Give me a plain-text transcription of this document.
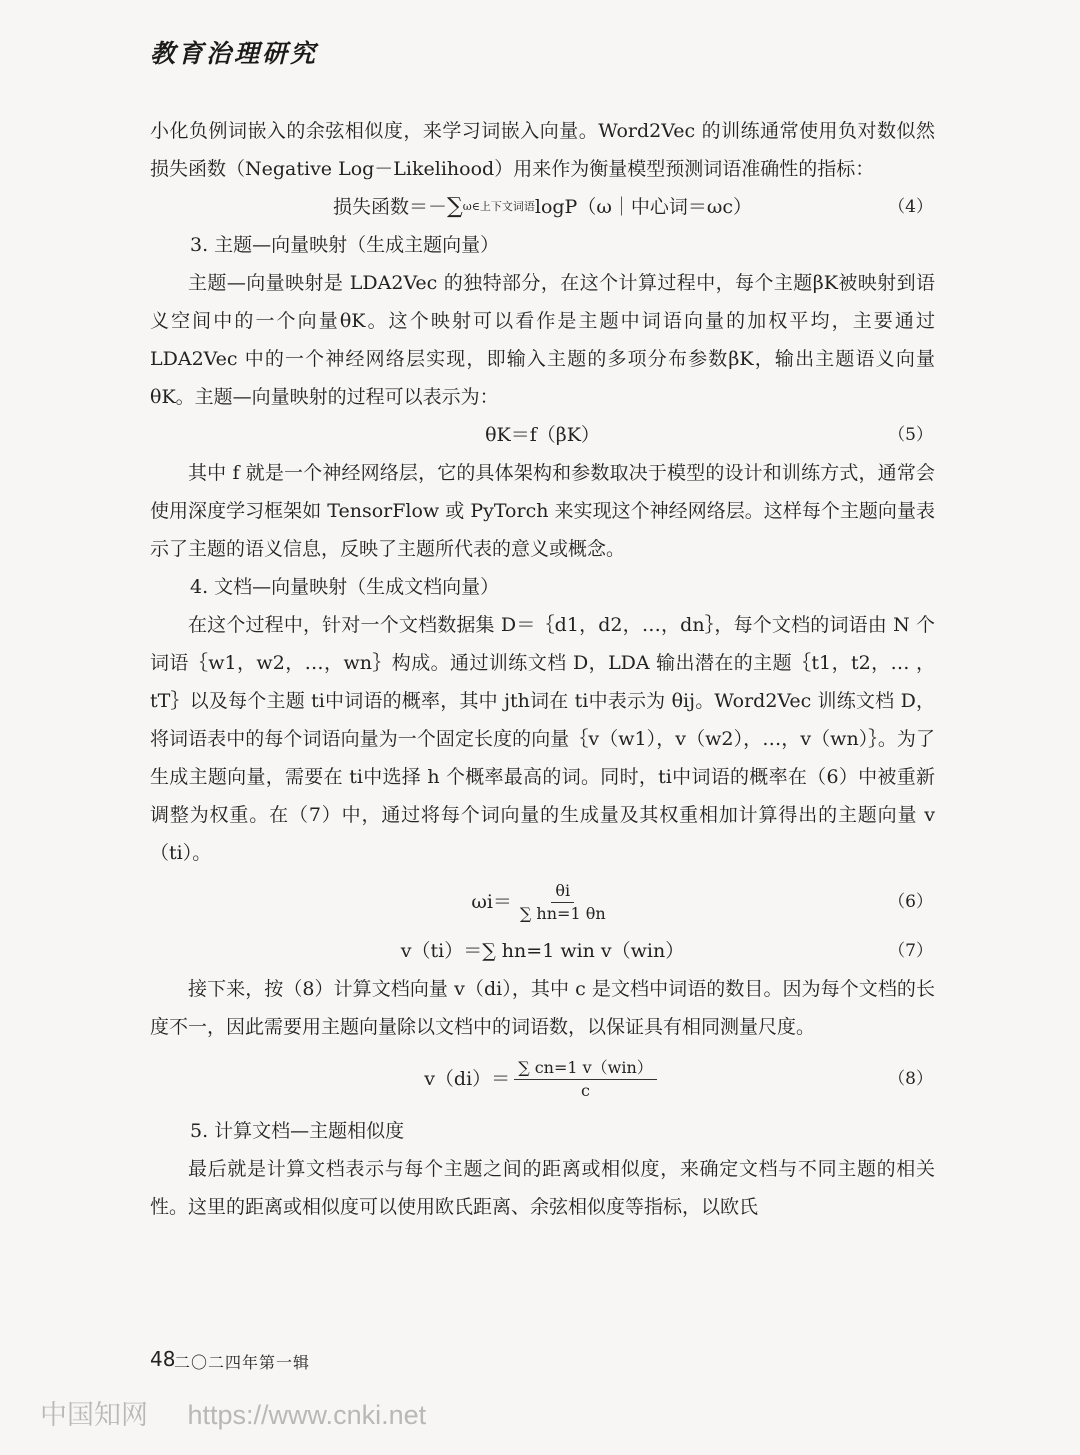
教育治理研究

小化负例词嵌入的余弦相似度，来学习词嵌入向量。Word2Vec 的训练通常使用负对数似然损失函数（Negative Log－Likelihood）用来作为衡量模型预测词语准确性的指标：

损失函数＝－ ∑ ω∈上下文词语 logP（ω｜中心词＝ωc）	（4）

3. 主题—向量映射（生成主题向量）

主题—向量映射是 LDA2Vec 的独特部分，在这个计算过程中，每个主题βK被映射到语义空间中的一个向量θK。这个映射可以看作是主题中词语向量的加权平均，主要通过 LDA2Vec 中的一个神经网络层实现，即输入主题的多项分布参数βK，输出主题语义向量θK。主题—向量映射的过程可以表示为：

θK＝f（βK）	（5）

其中 f 就是一个神经网络层，它的具体架构和参数取决于模型的设计和训练方式，通常会使用深度学习框架如 TensorFlow 或 PyTorch 来实现这个神经网络层。这样每个主题向量表示了主题的语义信息，反映了主题所代表的意义或概念。

4. 文档—向量映射（生成文档向量）

在这个过程中，针对一个文档数据集 D＝｛d1，d2，…，dn｝，每个文档的词语由 N 个词语｛w1，w2，…，wn｝构成。通过训练文档 D，LDA 输出潜在的主题｛t1，t2，… ，tT｝以及每个主题 ti中词语的概率，其中 jth词在 ti中表示为 θij。Word2Vec 训练文档 D，将词语表中的每个词语向量为一个固定长度的向量｛v（w1），v（w2），…，v（wn）｝。为了生成主题向量，需要在 ti中选择 h 个概率最高的词。同时，ti中词语的概率在（6）中被重新调整为权重。在（7）中，通过将每个词向量的生成量及其权重相加计算得出的主题向量 v（ti）。

$\omega i= \frac{\theta i}{\sum hn=1 \theta n}$	（6）
v（ti）＝∑ hn=1 win v（win）	（7）

接下来，按（8）计算文档向量 v（di），其中 c 是文档中词语的数目。因为每个文档的长度不一，因此需要用主题向量除以文档中的词语数，以保证具有相同测量尺度。

$v(di)= \frac{\text{∑ cn=1 v（win）}}{c}$	（8）

5. 计算文档—主题相似度

最后就是计算文档表示与每个主题之间的距离或相似度，来确定文档与不同主题的相关性。这里的距离或相似度可以使用欧氏距离、余弦相似度等指标，以欧氏

48
二〇二四年第一辑
中国知网 https://www.cnki.net
